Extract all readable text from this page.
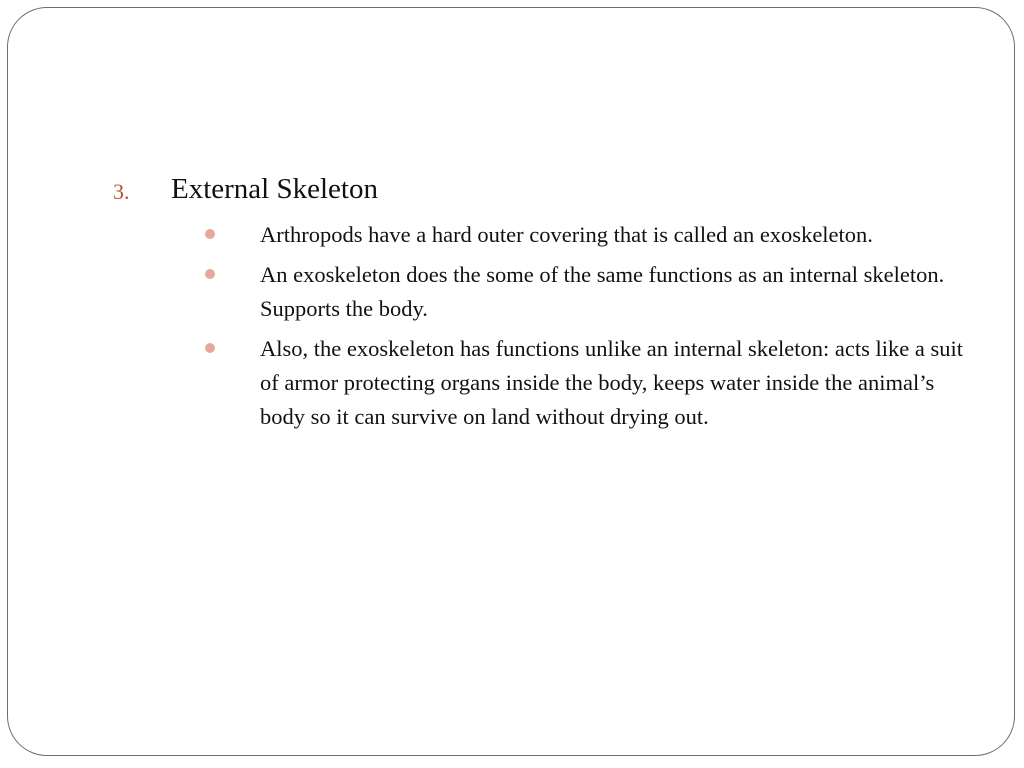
3. External Skeleton
Arthropods have a hard outer covering that is called an exoskeleton.
An exoskeleton does the some of the same functions as an internal skeleton.  Supports the body.
Also, the exoskeleton has functions unlike an internal skeleton: acts like a suit of armor protecting organs inside the body, keeps water inside the animal’s body so it can survive on land without drying out.
